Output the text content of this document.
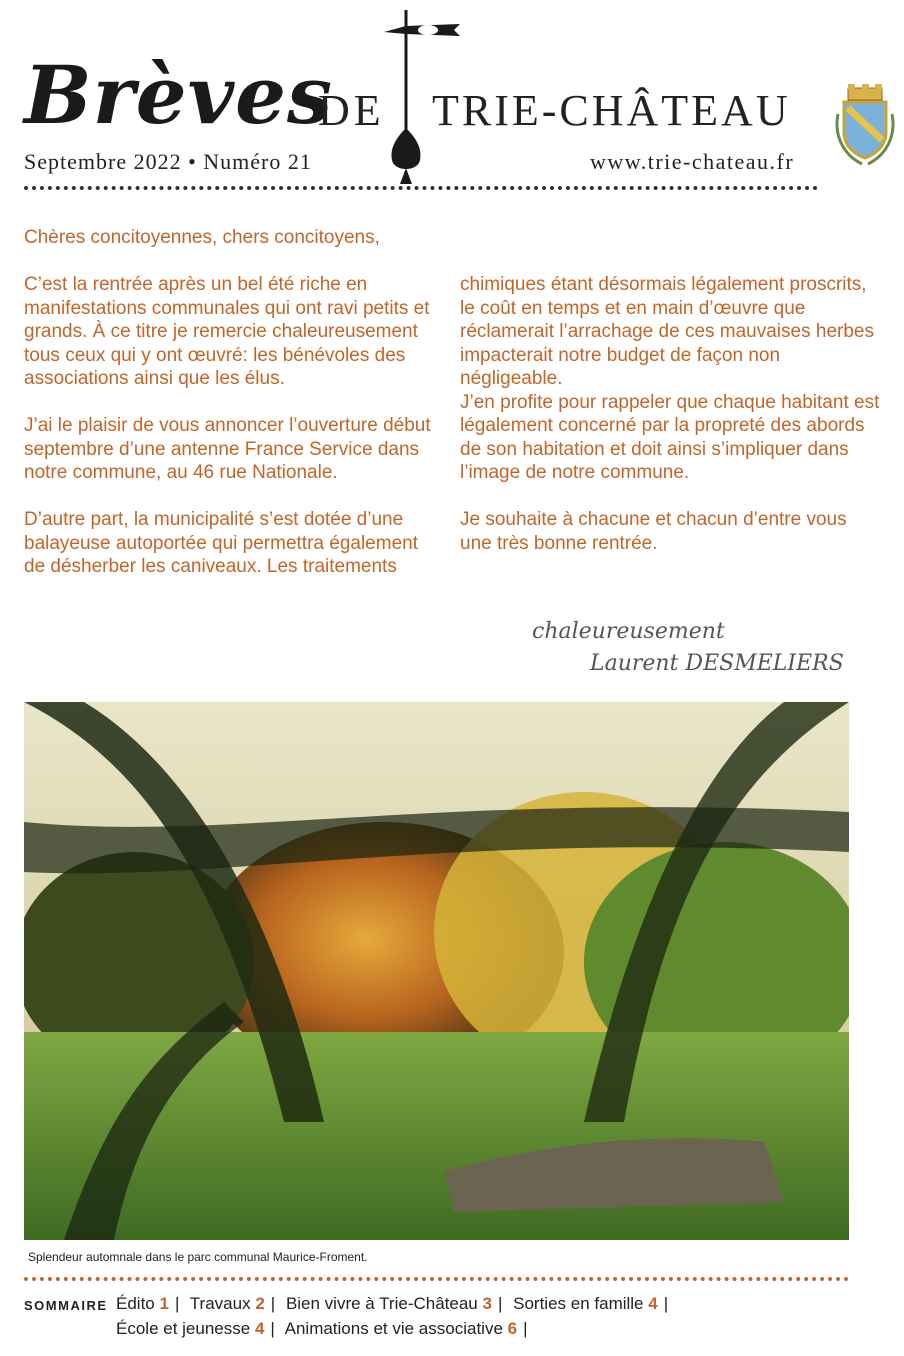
Brèves
DE TRIE-CHÂTEAU
Septembre 2022 • Numéro 21	www.trie-chateau.fr

Chères concitoyennes, chers concitoyens,

C’est la rentrée après un bel été riche en manifestations communales qui ont ravi petits et grands. À ce titre je remercie chaleureusement tous ceux qui y ont œuvré: les bénévoles des associations ainsi que les élus.
J’ai le plaisir de vous annoncer l’ouverture début septembre d’une antenne France Service dans notre commune, au 46 rue Nationale.
D’autre part, la municipalité s’est dotée d’une balayeuse autoportée qui permettra également de désherber les caniveaux. Les traitements
chimiques étant désormais légalement proscrits, le coût en temps et en main d’œuvre que réclamerait l’arrachage de ces mauvaises herbes impacterait notre budget de façon non négligeable.
J’en profite pour rappeler que chaque habitant est légalement concerné par la propreté des abords de son habitation et doit ainsi s’impliquer dans l’image de notre commune.
Je souhaite à chacune et chacun d’entre vous une très bonne rentrée.
chaleureusement
Laurent DESMELIERS
Splendeur automnale dans le parc communal Maurice-Froment.
SOMMAIRE Édito 1 | Travaux 2 | Bien vivre à Trie-Château 3 | Sorties en famille 4 |
École et jeunesse 4 | Animations et vie associative 6 |
